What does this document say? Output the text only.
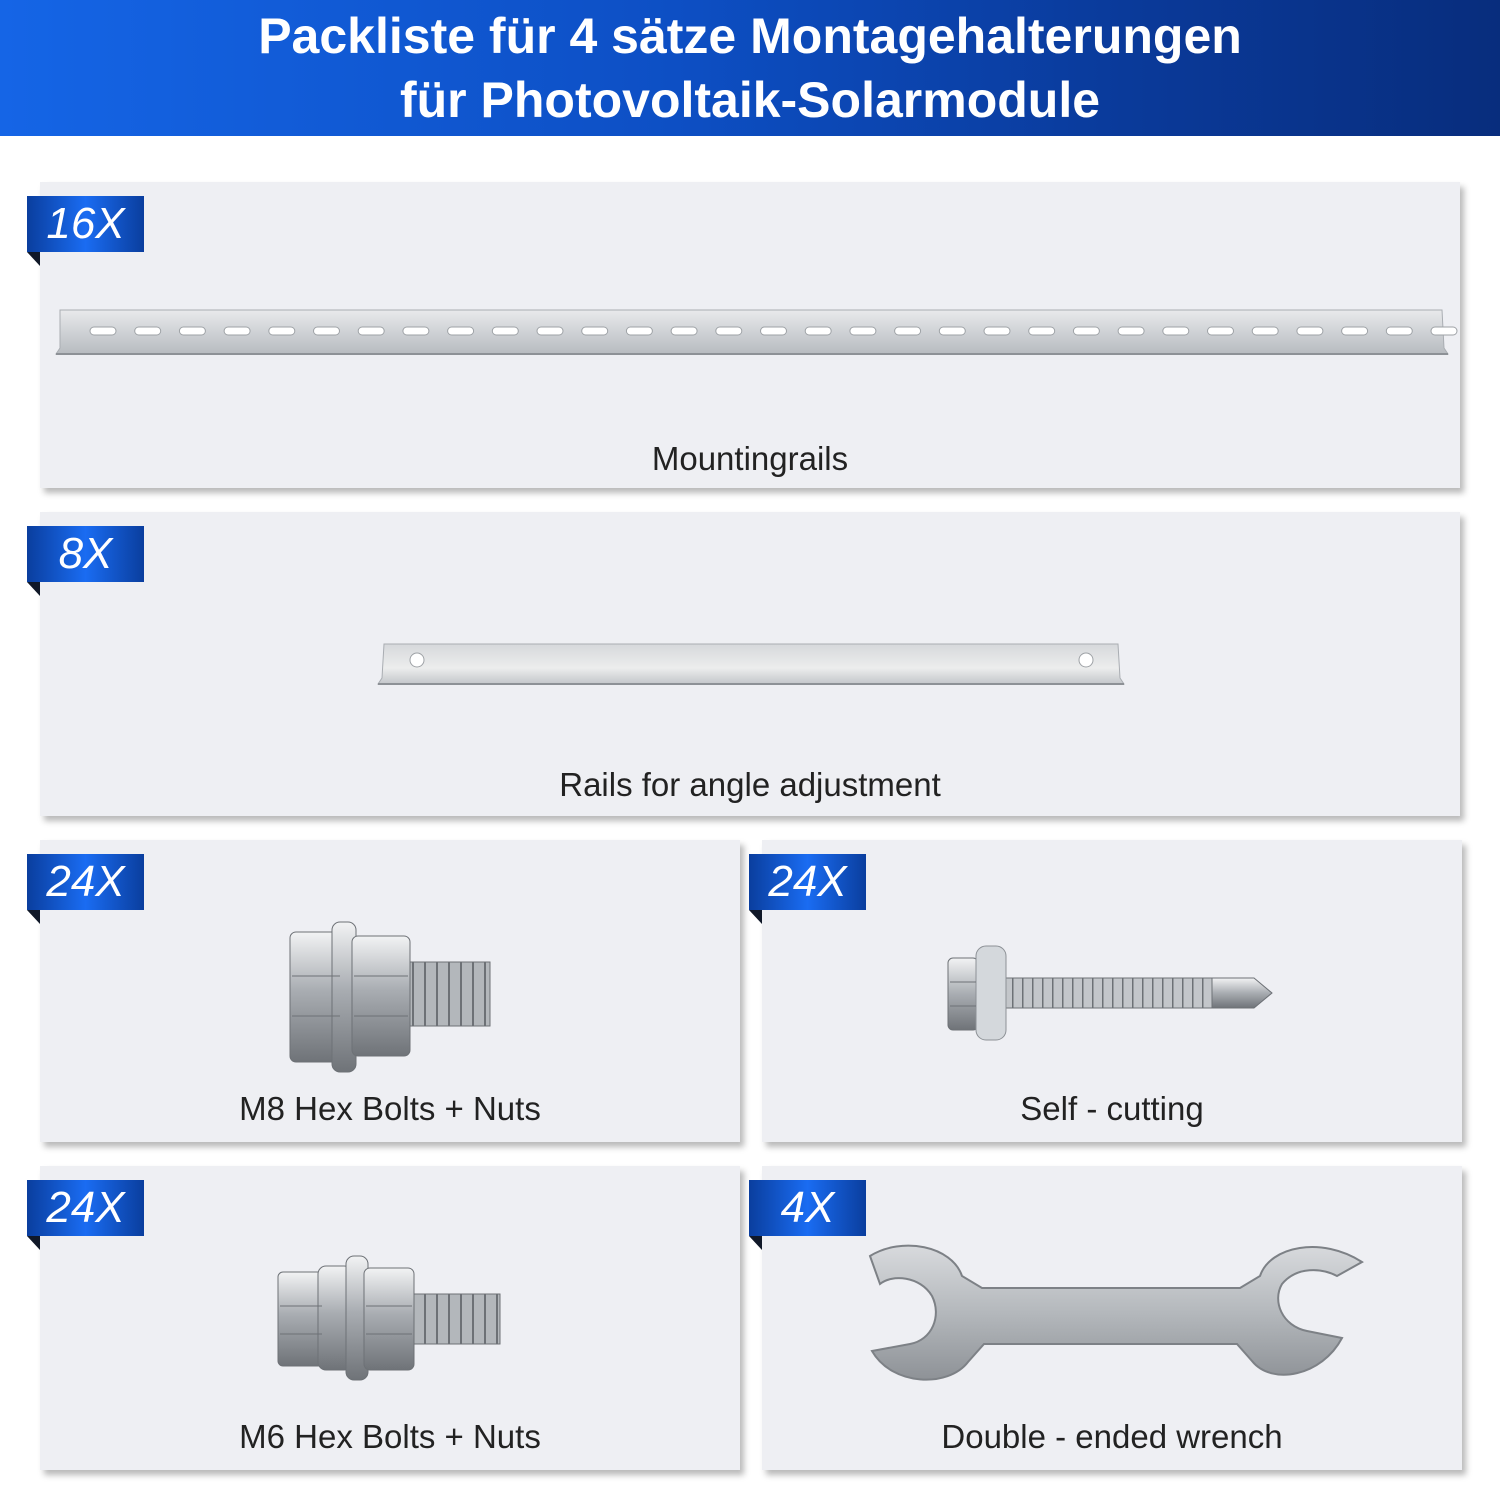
Packliste für 4 sätze Montagehalterungen
für Photovoltaik-Solarmodule
16X
Mountingrails
8X
Rails for angle adjustment
24X
M8 Hex Bolts + Nuts
24X
Self - cutting
24X
M6 Hex Bolts + Nuts
4X
Double - ended wrench
